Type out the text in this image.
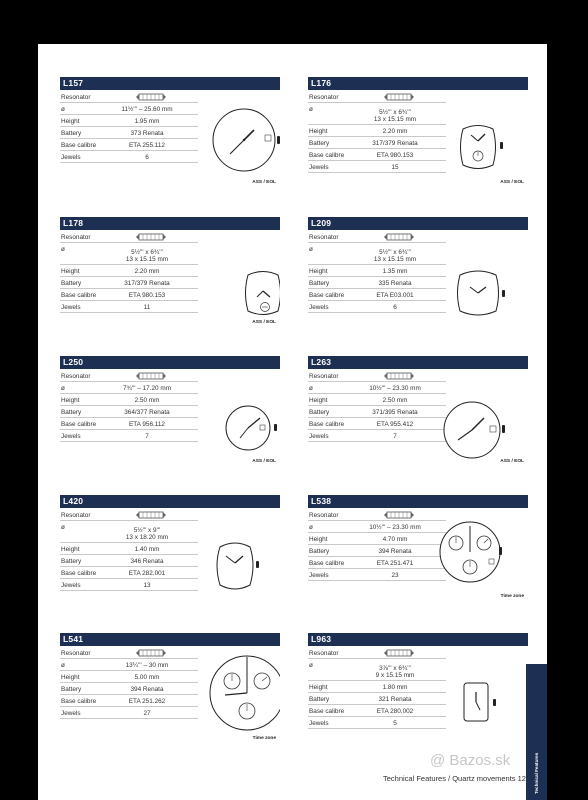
L157
Resonator
ø	11½''' – 25.60 mm
Height	1.95 mm
Battery	373 Renata
Base calibre	ETA 255.112
Jewels	6
ASS / EOL
L176
Resonator
ø	5½''' x 6¾'''
13 x 15.15 mm
Height	2.20 mm
Battery	317/379 Renata
Base calibre	ETA 980.153
Jewels	15
ASS / EOL
L178
Resonator
ø	5½''' x 6¾'''
13 x 15.15 mm
Height	2.20 mm
Battery	317/379 Renata
Base calibre	ETA 980.153
Jewels	11
ASS / EOL
L209
Resonator
ø	5½''' x 6¾'''
13 x 15.15 mm
Height	1.35 mm
Battery	335 Renata
Base calibre	ETA E03.001
Jewels	6
L250
Resonator
ø	7¾''' – 17.20 mm
Height	2.50 mm
Battery	364/377 Renata
Base calibre	ETA 956.112
Jewels	7
ASS / EOL
L263
Resonator
ø	10½''' – 23.30 mm
Height	2.50 mm
Battery	371/395 Renata
Base calibre	ETA 955.412
Jewels	7
ASS / EOL
L420
Resonator
ø	5½''' x 9'''
13 x 18.20 mm
Height	1.40 mm
Battery	346 Renata
Base calibre	ETA 282.001
Jewels	13
L538
Resonator
ø	10½''' – 23.30 mm
Height	4.70 mm
Battery	394 Renata
Base calibre	ETA 251.471
Jewels	23
Time zone
L541
Resonator
ø	13¼''' – 30 mm
Height	5.00 mm
Battery	394 Renata
Base calibre	ETA 251.262
Jewels	27
Time zone
L963
Resonator
ø	3⅞''' x 6¾'''
9 x 15.15 mm
Height	1.80 mm
Battery	321 Renata
Base calibre	ETA 280.002
Jewels	5
Technical Features
Technical Features / Quartz movements 127
@ Bazos.sk
